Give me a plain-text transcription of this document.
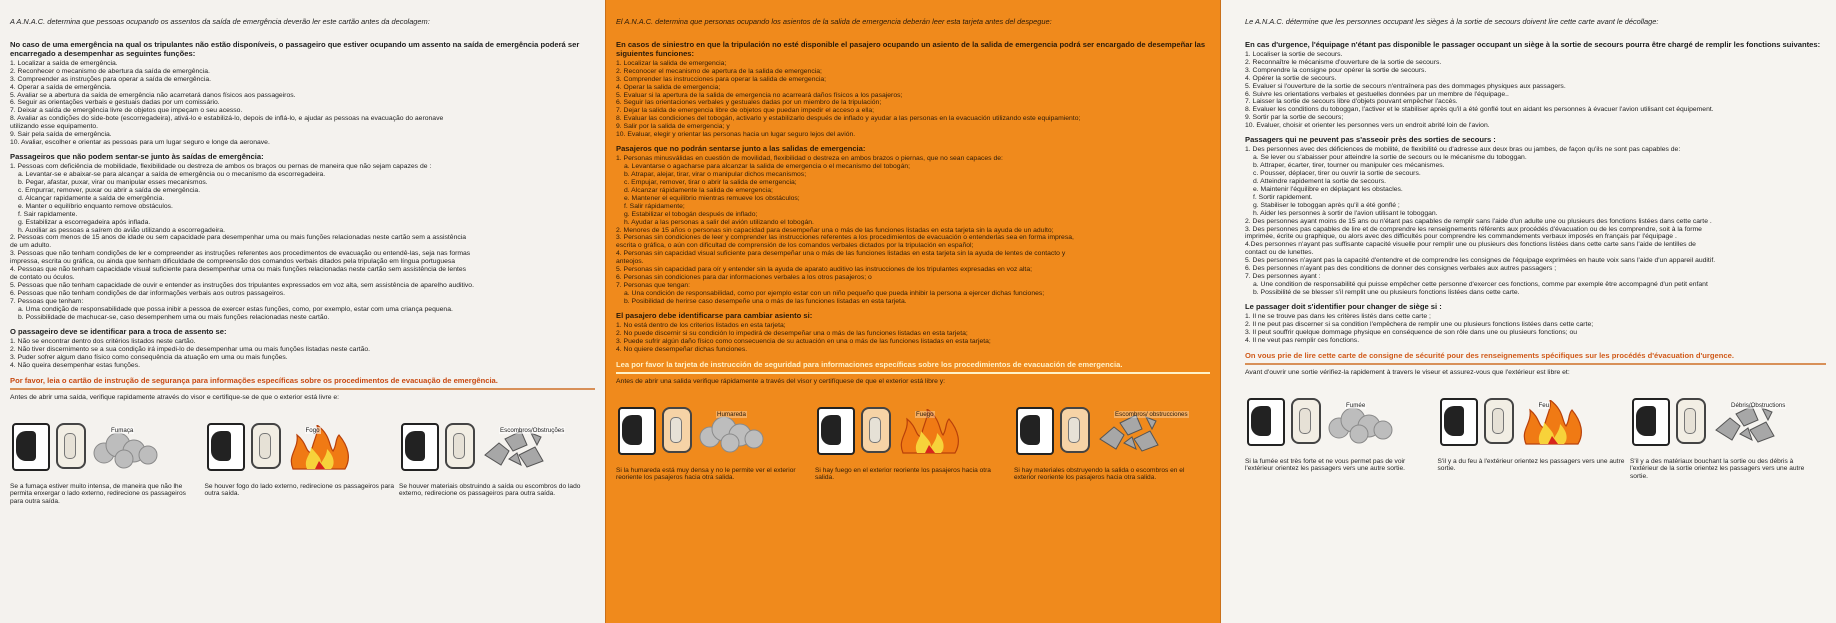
A A.N.A.C. determina que pessoas ocupando os assentos da saída de emergência deverão ler este cartão antes da decolagem:
No caso de uma emergência na qual os tripulantes não estão disponíveis, o passageiro que estiver ocupando um assento na saída de emergência poderá ser encarregado a desempenhar as seguintes funções:
1. Localizar a saída de emergência.
2. Reconhecer o mecanismo de abertura da saída de emergência.
3. Compreender as instruções para operar a saída de emergência.
4. Operar a saída de emergência.
5. Avaliar se a abertura da saída de emergência não acarretará danos físicos aos passageiros.
6. Seguir as orientações verbais e gestuais dadas por um comissário.
7. Deixar a saída de emergência livre de objetos que impeçam o seu acesso.
8. Avaliar as condições do side-bote (escorregadeira), ativá-lo e estabilizá-lo, depois de inflá-lo, e ajudar as pessoas na evacuação do aeronave
utilizando esse equipamento.
9. Sair pela saída de emergência.
10. Avaliar, escolher e orientar as pessoas para um lugar seguro e longe da aeronave.
Passageiros que não podem sentar-se junto às saídas de emergência:
1. Pessoas com deficiência de mobilidade, flexibilidade ou destreza de ambos os braços ou pernas de maneira que não sejam capazes de :
a. Levantar-se e abaixar-se para alcançar a saída de emergência ou o mecanismo da escorregadeira.
b. Pegar, afastar, puxar, virar ou manipular esses mecanismos.
c. Empurrar, remover, puxar ou abrir a saída de emergência.
d. Alcançar rapidamente a saída de emergência.
e. Manter o equilíbrio enquanto remove obstáculos.
f. Sair rapidamente.
g. Estabilizar a escorregadeira após inflada.
h. Auxiliar as pessoas a saírem do avião utilizando a escorregadeira.
2. Pessoas com menos de 15 anos de idade ou sem capacidade para desempenhar uma ou mais funções relacionadas neste cartão sem a assistência
de um adulto.
3. Pessoas que não tenham condições de ler e compreender as instruções referentes aos procedimentos de evacuação ou entendê-las, seja nas formas
impressa, escrita ou gráfica, ou ainda que tenham dificuldade de compreensão dos comandos verbais ditados pela tripulação em língua portuguesa
4. Pessoas que não tenham capacidade visual suficiente para desempenhar uma ou mais funções relacionadas neste cartão sem assistência de lentes
de contato ou óculos.
5. Pessoas que não tenham capacidade de ouvir e entender as instruções dos tripulantes expressados em voz alta, sem assistência de aparelho auditivo.
6. Pessoas que não tenham condições de dar informações verbais aos outros passageiros.
7. Pessoas que tenham:
a. Uma condição de responsabilidade que possa inibir a pessoa de exercer estas funções, como, por exemplo, estar com uma criança pequena.
b. Possibilidade de machucar-se, caso desempenhem uma ou mais funções relacionadas neste cartão.
O passageiro deve se identificar para a troca de assento se:
1. Não se encontrar dentro dos critérios listados neste cartão.
2. Não tiver discernimento se a sua condição irá impedi-lo de desempenhar uma ou mais funções listadas neste cartão.
3. Puder sofrer algum dano físico como consequência da atuação em uma ou mais funções.
4. Não queira desempenhar estas funções.
Por favor, leia o cartão de instrução de segurança para informações específicas sobre os procedimentos de evacuação de emergência.
Antes de abrir uma saída, verifique rapidamente através do visor e certifique-se de que o exterior está livre e:
Fumaça
Se a fumaça estiver muito intensa, de maneira que não lhe permita enxergar o lado externo, redirecione os passageiros para outra saída.
Fogo
Se houver fogo do lado externo, redirecione os passageiros para outra saída.
Escombros/Obstruções
Se houver materiais obstruindo a saída ou escombros do lado externo, redirecione os passageiros para outra saída.
El A.N.A.C. determina que personas ocupando los asientos de la salida de emergencia deberán leer esta tarjeta antes del despegue:
En casos de siniestro en que la tripulación no esté disponible el pasajero ocupando un asiento de la salida de emergencia podrá ser encargado de desempeñar las siguientes funciones:
1. Localizar la salida de emergencia;
2. Reconocer el mecanismo de apertura de la salida de emergencia;
3. Comprender las instrucciones para operar la salida de emergencia;
4. Operar la salida de emergencia;
5. Evaluar si la apertura de la salida de emergencia no acarreará daños físicos a los pasajeros;
6. Seguir las orientaciones verbales y gestuales dadas por un miembro de la tripulación;
7. Dejar la salida de emergencia libre de objetos que puedan impedir el acceso a ella;
8. Evaluar las condiciones del tobogán, activarlo y estabilizarlo después de inflado y ayudar a las personas en la evacuación utilizando este equipamiento;
9. Salir por la salida de emergencia; y
10. Evaluar, elegir y orientar las personas hacia un lugar seguro lejos del avión.
Pasajeros que no podrán sentarse junto a las salidas de emergencia:
1. Personas minusválidas en cuestión de movilidad, flexibilidad o destreza en ambos brazos o piernas, que no sean capaces de:
a. Levantarse o agacharse para alcanzar la salida de emergencia o el mecanismo del tobogán;
b. Atrapar, alejar, tirar, virar o manipular dichos mecanismos;
c. Empujar, remover, tirar o abrir la salida de emergencia;
d. Alcanzar rápidamente la salida de emergencia;
e. Mantener el equilibrio mientras remueve los obstáculos;
f. Salir rápidamente;
g. Estabilizar el tobogán después de inflado;
h. Ayudar a las personas a salir del avión utilizando el tobogán.
2. Menores de 15 años o personas sin capacidad para desempeñar una o más de las funciones listadas en esta tarjeta sin la ayuda de un adulto;
3. Personas sin condiciones de leer y comprender las instrucciones referentes a los procedimientos de evacuación o entenderlas sea en forma impresa,
escrita o gráfica, o aún con dificultad de comprensión de los comandos verbales dictados por la tripulación en español;
4. Personas sin capacidad visual suficiente para desempeñar una o más de las funciones listadas en esta tarjeta sin la ayuda de lentes de contacto y
anteojos.
5. Personas sin capacidad para oír y entender sin la ayuda de aparato auditivo las instrucciones de los tripulantes expresadas en voz alta;
6. Personas sin condiciones para dar informaciones verbales a los otros pasajeros; o
7. Personas que tengan:
a. Una condición de responsabilidad, como por ejemplo estar con un niño pequeño que pueda inhibir la persona a ejercer dichas funciones;
b. Posibilidad de herirse caso desempeñe una o más de las funciones listadas en esta tarjeta.
El pasajero debe identificarse para cambiar asiento si:
1. No está dentro de los criterios listados en esta tarjeta;
2. No puede discernir si su condición lo impedirá de desempeñar una o más de las funciones listadas en esta tarjeta;
3. Puede sufrir algún daño físico como consecuencia de su actuación en una o más de las funciones listadas en esta tarjeta;
4. No quiere desempeñar dichas funciones.
Lea por favor la tarjeta de instrucción de seguridad para informaciones específicas sobre los procedimientos de evacuación de emergencia.
Antes de abrir una salida verifique rápidamente a través del visor y certifíquese de que el exterior está libre y:
Humareda
Si la humareda está muy densa y no le permite ver el exterior reoriente los pasajeros hacia otra salida.
Fuego
Si hay fuego en el exterior reoriente los pasajeros hacia otra salida.
Escombros/ obstrucciones
Si hay materiales obstruyendo la salida o escombros en el exterior reoriente los pasajeros hacia otra salida.
Le A.N.A.C. détermine que les personnes occupant les sièges à la sortie de secours doivent lire cette carte avant le décollage:
En cas d'urgence, l'équipage n'étant pas disponible le passager occupant un siège à la sortie de secours pourra être chargé de remplir les fonctions suivantes:
1. Localiser la sortie de secours.
2. Reconnaître le mécanisme d'ouverture de la sortie de secours.
3. Comprendre la consigne pour opérer la sortie de secours.
4. Opérer la sortie de secours.
5. Évaluer si l'ouverture de la sortie de secours n'entraînera pas des dommages physiques aux passagers.
6. Suivre les orientations verbales et gestuelles données par un membre de l'équipage..
7. Laisser la sortie de secours libre d'objets pouvant empêcher l'accès.
8. Évaluer les conditions du toboggan, l'activer et le stabiliser après qu'il a été gonflé tout en aidant les personnes à évacuer l'avion utilisant cet équipement.
9. Sortir par la sortie de secours;
10. Évaluer, choisir et orienter les personnes vers un endroit abrité loin de l'avion.
Passagers qui ne peuvent pas s'asseoir près des sorties de secours :
1. Des personnes avec des déficiences de mobilité, de flexibilité ou d'adresse aux deux bras ou jambes, de façon qu'ils ne sont pas capables de:
a. Se lever ou s'abaisser pour atteindre la sortie de secours ou le mécanisme du toboggan.
b. Attraper, écarter, tirer, tourner ou manipuler ces mécanismes.
c. Pousser, déplacer, tirer ou ouvrir la sortie de secours.
d. Atteindre rapidement la sortie de secours.
e. Maintenir l'équilibre en déplaçant les obstacles.
f. Sortir rapidement.
g. Stabiliser le toboggan après qu'il a été gonflé ;
h. Aider les personnes à sortir de l'avion utilisant le toboggan.
2. Des personnes ayant moins de 15 ans ou n'étant pas capables de remplir sans l'aide d'un adulte une ou plusieurs des fonctions listées dans cette carte .
3. Des personnes pas capables de lire et de comprendre les renseignements référents aux procédés d'évacuation ou de les comprendre, soit à la forme
imprimée, écrite ou graphique, ou alors avec des difficultés pour comprendre les commandements verbaux imposés en français par l'équipage .
4.Des personnes n'ayant pas suffisante capacité visuelle pour remplir une ou plusieurs des fonctions listées dans cette carte sans l'aide de lentilles de
contact ou de lunettes.
5. Des personnes n'ayant pas la capacité d'entendre et de comprendre les consignes de l'équipage exprimées en haute voix sans l'aide d'un appareil auditif.
6. Des personnes n'ayant pas des conditions de donner des consignes verbales aux autres passagers ;
7. Des personnes ayant :
a. Une condition de responsabilité qui puisse empêcher cette personne d'exercer ces fonctions, comme par exemple être accompagné d'un petit enfant
b. Possibilité de se blesser s'il remplit une ou plusieurs fonctions listées dans cette carte.
Le passager doit s'identifier pour changer de siège si :
1. Il ne se trouve pas dans les critères listés dans cette carte ;
2. Il ne peut pas discerner si sa condition l'empêchera de remplir une ou plusieurs fonctions listées dans cette carte;
3. Il peut souffrir quelque dommage physique en conséquence de son rôle dans une ou plusieurs fonctions; ou
4. Il ne veut pas remplir ces fonctions.
On vous prie de lire cette carte de consigne de sécurité pour des renseignements spécifiques sur les procédés d'évacuation d'urgence.
Avant d'ouvrir une sortie vérifiez-la rapidement à travers le viseur et assurez-vous que l'extérieur est libre et:
Fumée
Si la fumée est très forte et ne vous permet pas de voir l'extérieur orientez les passagers vers une autre sortie.
Feu
S'il y a du feu à l'extérieur orientez les passagers vers une autre sortie.
Débris/Obstructions
S'il y a des matériaux bouchant la sortie ou des débris à l'extérieur de la sortie orientez les passagers vers une autre sortie.
